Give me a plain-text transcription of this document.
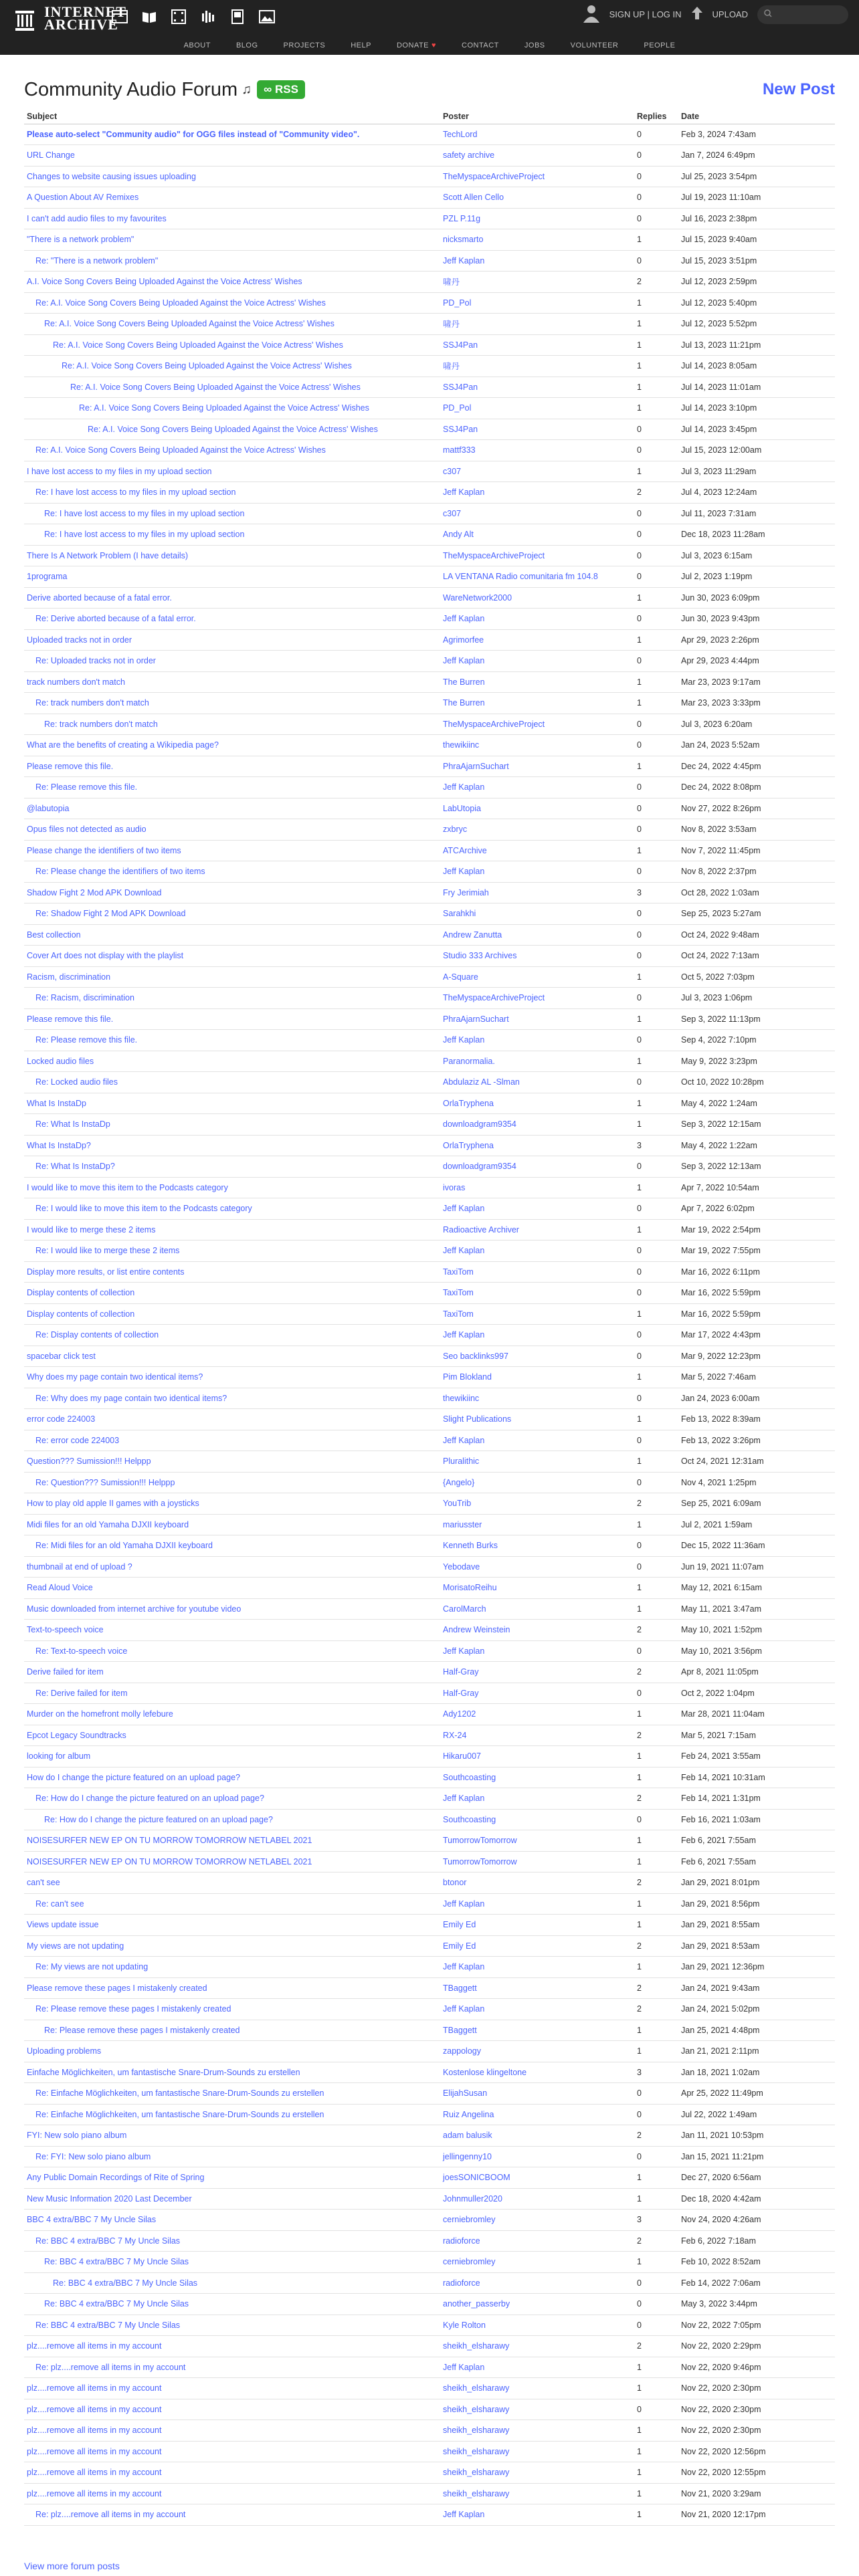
INTERNET
ARCHIVE
SIGN UP | LOG IN	UPLOAD
ABOUT	BLOG	PROJECTS	HELP	DONATE ♥	CONTACT	JOBS	VOLUNTEER	PEOPLE
Community Audio Forum ♫	∞ RSS	New Post
Subject	Poster	Replies	Date
Please auto-select "Community audio" for OGG files instead of "Community video".	TechLord	0	Feb 3, 2024 7:43am
URL Change	safety archive	0	Jan 7, 2024 6:49pm
Changes to website causing issues uploading	TheMyspaceArchiveProject	0	Jul 25, 2023 3:54pm
A Question About AV Remixes	Scott Allen Cello	0	Jul 19, 2023 11:10am
I can't add audio files to my favourites	PZL P.11g	0	Jul 16, 2023 2:38pm
"There is a network problem"	nicksmarto	1	Jul 15, 2023 9:40am
Re: "There is a network problem"	Jeff Kaplan	0	Jul 15, 2023 3:51pm
A.I. Voice Song Covers Being Uploaded Against the Voice Actress' Wishes	啸丹	2	Jul 12, 2023 2:59pm
Re: A.I. Voice Song Covers Being Uploaded Against the Voice Actress' Wishes	PD_Pol	1	Jul 12, 2023 5:40pm
Re: A.I. Voice Song Covers Being Uploaded Against the Voice Actress' Wishes	啸丹	1	Jul 12, 2023 5:52pm
Re: A.I. Voice Song Covers Being Uploaded Against the Voice Actress' Wishes	SSJ4Pan	1	Jul 13, 2023 11:21pm
Re: A.I. Voice Song Covers Being Uploaded Against the Voice Actress' Wishes	啸丹	1	Jul 14, 2023 8:05am
Re: A.I. Voice Song Covers Being Uploaded Against the Voice Actress' Wishes	SSJ4Pan	1	Jul 14, 2023 11:01am
Re: A.I. Voice Song Covers Being Uploaded Against the Voice Actress' Wishes	PD_Pol	1	Jul 14, 2023 3:10pm
Re: A.I. Voice Song Covers Being Uploaded Against the Voice Actress' Wishes	SSJ4Pan	0	Jul 14, 2023 3:45pm
Re: A.I. Voice Song Covers Being Uploaded Against the Voice Actress' Wishes	mattf333	0	Jul 15, 2023 12:00am
I have lost access to my files in my upload section	c307	1	Jul 3, 2023 11:29am
Re: I have lost access to my files in my upload section	Jeff Kaplan	2	Jul 4, 2023 12:24am
Re: I have lost access to my files in my upload section	c307	0	Jul 11, 2023 7:31am
Re: I have lost access to my files in my upload section	Andy Alt	0	Dec 18, 2023 11:28am
There Is A Network Problem (I have details)	TheMyspaceArchiveProject	0	Jul 3, 2023 6:15am
1programa	LA VENTANA Radio comunitaria fm 104.8	0	Jul 2, 2023 1:19pm
Derive aborted because of a fatal error.	WareNetwork2000	1	Jun 30, 2023 6:09pm
Re: Derive aborted because of a fatal error.	Jeff Kaplan	0	Jun 30, 2023 9:43pm
Uploaded tracks not in order	Agrimorfee	1	Apr 29, 2023 2:26pm
Re: Uploaded tracks not in order	Jeff Kaplan	0	Apr 29, 2023 4:44pm
track numbers don't match	The Burren	1	Mar 23, 2023 9:17am
Re: track numbers don't match	The Burren	1	Mar 23, 2023 3:33pm
Re: track numbers don't match	TheMyspaceArchiveProject	0	Jul 3, 2023 6:20am
What are the benefits of creating a Wikipedia page?	thewikiinc	0	Jan 24, 2023 5:52am
Please remove this file.	PhraAjarnSuchart	1	Dec 24, 2022 4:45pm
Re: Please remove this file.	Jeff Kaplan	0	Dec 24, 2022 8:08pm
@labutopia	LabUtopia	0	Nov 27, 2022 8:26pm
Opus files not detected as audio	zxbryc	0	Nov 8, 2022 3:53am
Please change the identifiers of two items	ATCArchive	1	Nov 7, 2022 11:45pm
Re: Please change the identifiers of two items	Jeff Kaplan	0	Nov 8, 2022 2:37pm
Shadow Fight 2 Mod APK Download	Fry Jerimiah	3	Oct 28, 2022 1:03am
Re: Shadow Fight 2 Mod APK Download	Sarahkhi	0	Sep 25, 2023 5:27am
Best collection	Andrew Zanutta	0	Oct 24, 2022 9:48am
Cover Art does not display with the playlist	Studio 333 Archives	0	Oct 24, 2022 7:13am
Racism, discrimination	A-Square	1	Oct 5, 2022 7:03pm
Re: Racism, discrimination	TheMyspaceArchiveProject	0	Jul 3, 2023 1:06pm
Please remove this file.	PhraAjarnSuchart	1	Sep 3, 2022 11:13pm
Re: Please remove this file.	Jeff Kaplan	0	Sep 4, 2022 7:10pm
Locked audio files	Paranormalia.	1	May 9, 2022 3:23pm
Re: Locked audio files	Abdulaziz AL -Slman	0	Oct 10, 2022 10:28pm
What Is InstaDp	OrlaTryphena	1	May 4, 2022 1:24am
Re: What Is InstaDp	downloadgram9354	1	Sep 3, 2022 12:15am
What Is InstaDp?	OrlaTryphena	3	May 4, 2022 1:22am
Re: What Is InstaDp?	downloadgram9354	0	Sep 3, 2022 12:13am
I would like to move this item to the Podcasts category	ivoras	1	Apr 7, 2022 10:54am
Re: I would like to move this item to the Podcasts category	Jeff Kaplan	0	Apr 7, 2022 6:02pm
I would like to merge these 2 items	Radioactive Archiver	1	Mar 19, 2022 2:54pm
Re: I would like to merge these 2 items	Jeff Kaplan	0	Mar 19, 2022 7:55pm
Display more results, or list entire contents	TaxiTom	0	Mar 16, 2022 6:11pm
Display contents of collection	TaxiTom	0	Mar 16, 2022 5:59pm
Display contents of collection	TaxiTom	1	Mar 16, 2022 5:59pm
Re: Display contents of collection	Jeff Kaplan	0	Mar 17, 2022 4:43pm
spacebar click test	Seo backlinks997	0	Mar 9, 2022 12:23pm
Why does my page contain two identical items?	Pim Blokland	1	Mar 5, 2022 7:46am
Re: Why does my page contain two identical items?	thewikiinc	0	Jan 24, 2023 6:00am
error code 224003	Slight Publications	1	Feb 13, 2022 8:39am
Re: error code 224003	Jeff Kaplan	0	Feb 13, 2022 3:26pm
Question??? Sumission!!! Helppp	Pluralithic	1	Oct 24, 2021 12:31am
Re: Question??? Sumission!!! Helppp	{Angelo}	0	Nov 4, 2021 1:25pm
How to play old apple II games with a joysticks	YouTrib	2	Sep 25, 2021 6:09am
Midi files for an old Yamaha DJXII keyboard	mariusster	1	Jul 2, 2021 1:59am
Re: Midi files for an old Yamaha DJXII keyboard	Kenneth Burks	0	Dec 15, 2022 11:36am
thumbnail at end of upload ?	Yebodave	0	Jun 19, 2021 11:07am
Read Aloud Voice	MorisatoReihu	1	May 12, 2021 6:15am
Music downloaded from internet archive for youtube video	CarolMarch	1	May 11, 2021 3:47am
Text-to-speech voice	Andrew Weinstein	2	May 10, 2021 1:52pm
Re: Text-to-speech voice	Jeff Kaplan	0	May 10, 2021 3:56pm
Derive failed for item	Half-Gray	2	Apr 8, 2021 11:05pm
Re: Derive failed for item	Half-Gray	0	Oct 2, 2022 1:04pm
Murder on the homefront molly lefebure	Ady1202	1	Mar 28, 2021 11:04am
Epcot Legacy Soundtracks	RX-24	2	Mar 5, 2021 7:15am
looking for album	Hikaru007	1	Feb 24, 2021 3:55am
How do I change the picture featured on an upload page?	Southcoasting	1	Feb 14, 2021 10:31am
Re: How do I change the picture featured on an upload page?	Jeff Kaplan	2	Feb 14, 2021 1:31pm
Re: How do I change the picture featured on an upload page?	Southcoasting	0	Feb 16, 2021 1:03am
NOISESURFER NEW EP ON TU MORROW TOMORROW NETLABEL 2021	TumorrowTomorrow	1	Feb 6, 2021 7:55am
NOISESURFER NEW EP ON TU MORROW TOMORROW NETLABEL 2021	TumorrowTomorrow	1	Feb 6, 2021 7:55am
can't see	btonor	2	Jan 29, 2021 8:01pm
Re: can't see	Jeff Kaplan	1	Jan 29, 2021 8:56pm
Views update issue	Emily Ed	1	Jan 29, 2021 8:55am
My views are not updating	Emily Ed	2	Jan 29, 2021 8:53am
Re: My views are not updating	Jeff Kaplan	1	Jan 29, 2021 12:36pm
Please remove these pages I mistakenly created	TBaggett	2	Jan 24, 2021 9:43am
Re: Please remove these pages I mistakenly created	Jeff Kaplan	2	Jan 24, 2021 5:02pm
Re: Please remove these pages I mistakenly created	TBaggett	1	Jan 25, 2021 4:48pm
Uploading problems	zappology	1	Jan 21, 2021 2:11pm
Einfache Möglichkeiten, um fantastische Snare-Drum-Sounds zu erstellen	Kostenlose klingeltone	3	Jan 18, 2021 1:02am
Re: Einfache Möglichkeiten, um fantastische Snare-Drum-Sounds zu erstellen	ElijahSusan	0	Apr 25, 2022 11:49pm
Re: Einfache Möglichkeiten, um fantastische Snare-Drum-Sounds zu erstellen	Ruiz Angelina	0	Jul 22, 2022 1:49am
FYI: New solo piano album	adam balusik	2	Jan 11, 2021 10:53pm
Re: FYI: New solo piano album	jellingenny10	0	Jan 15, 2021 11:21pm
Any Public Domain Recordings of Rite of Spring	joesSONICBOOM	1	Dec 27, 2020 6:56am
New Music Information 2020 Last December	Johnmuller2020	1	Dec 18, 2020 4:42am
BBC 4 extra/BBC 7 My Uncle Silas	cerniebromley	3	Nov 24, 2020 4:26am
Re: BBC 4 extra/BBC 7 My Uncle Silas	radioforce	2	Feb 6, 2022 7:18am
Re: BBC 4 extra/BBC 7 My Uncle Silas	cerniebromley	1	Feb 10, 2022 8:52am
Re: BBC 4 extra/BBC 7 My Uncle Silas	radioforce	0	Feb 14, 2022 7:06am
Re: BBC 4 extra/BBC 7 My Uncle Silas	another_passerby	0	May 3, 2022 3:44pm
Re: BBC 4 extra/BBC 7 My Uncle Silas	Kyle Rolton	0	Nov 22, 2022 7:05pm
plz....remove all items in my account	sheikh_elsharawy	2	Nov 22, 2020 2:29pm
Re: plz....remove all items in my account	Jeff Kaplan	1	Nov 22, 2020 9:46pm
plz....remove all items in my account	sheikh_elsharawy	1	Nov 22, 2020 2:30pm
plz....remove all items in my account	sheikh_elsharawy	0	Nov 22, 2020 2:30pm
plz....remove all items in my account	sheikh_elsharawy	1	Nov 22, 2020 2:30pm
plz....remove all items in my account	sheikh_elsharawy	1	Nov 22, 2020 12:56pm
plz....remove all items in my account	sheikh_elsharawy	1	Nov 22, 2020 12:55pm
plz....remove all items in my account	sheikh_elsharawy	1	Nov 21, 2020 3:29am
Re: plz....remove all items in my account	Jeff Kaplan	1	Nov 21, 2020 12:17pm
View more forum posts
